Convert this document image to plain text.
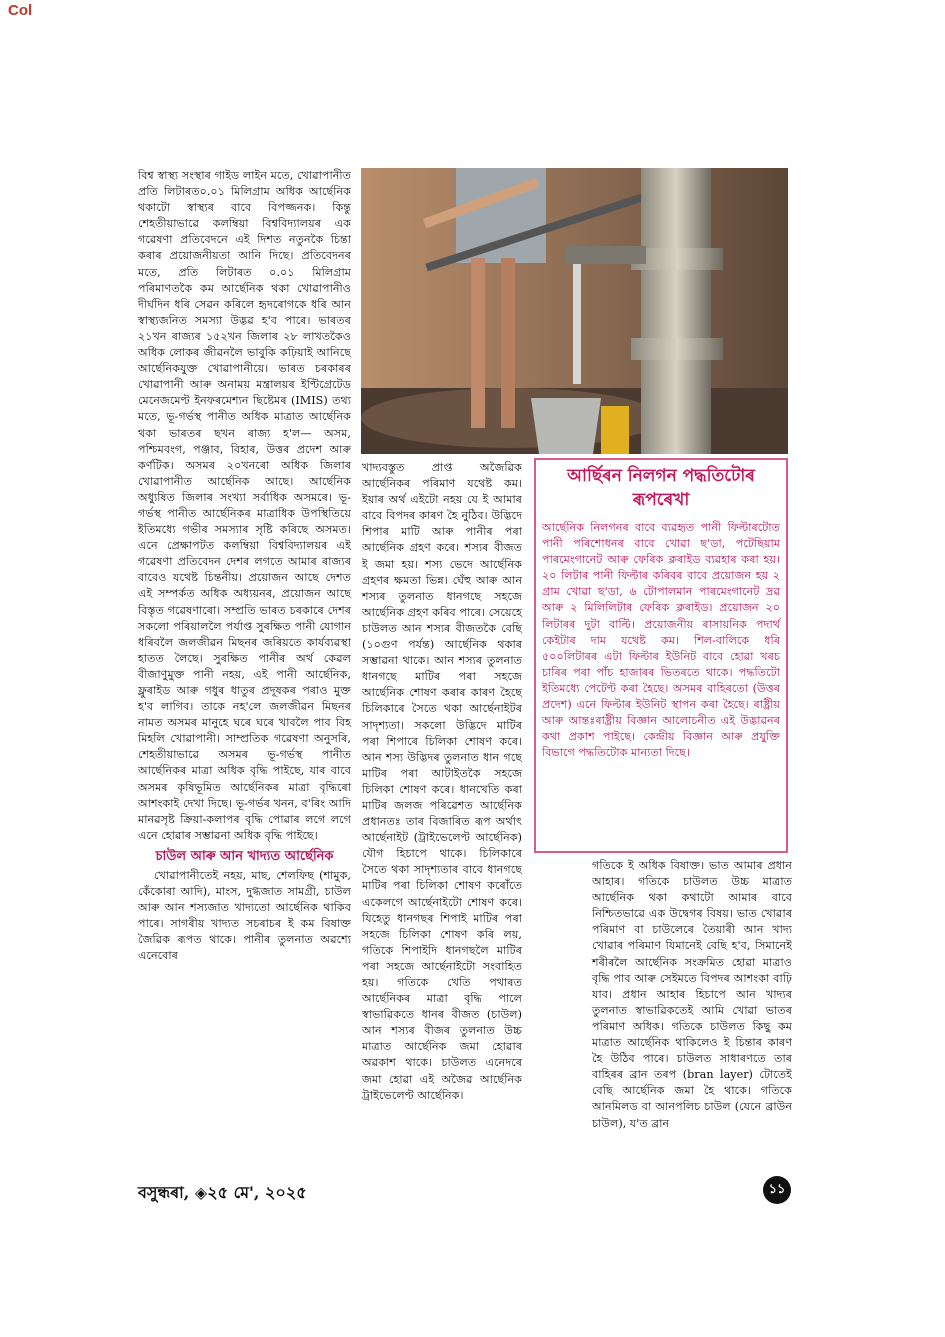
Col

বিশ্ব স্বাস্থ্য সংস্থাৰ গাইড লাইন মতে, খোৱাপানীত প্ৰতি লিটাৰত০.০১ মিলিগ্ৰাম অধিক আৰ্ছেনিক থকাটো স্বাস্থ্যৰ বাবে বিপজ্জনক। কিন্তু শেহতীয়াভাৱে কলম্বিয়া বিশ্ববিদ্যালয়ৰ এক গৱেষণা প্ৰতিবেদনে এই দিশত নতুনকৈ চিন্তা কৰাৰ প্ৰয়োজনীয়তা আনি দিছে। প্ৰতিবেদনৰ মতে, প্ৰতি লিটাৰত ০.০১ মিলিগ্ৰাম পৰিমাণতকৈ কম আৰ্ছেনিক থকা খোৱাপানীও দীৰ্ঘদিন ধৰি সেৱন কৰিলে হৃদৰোগকে ধৰি আন স্বাস্থ্যজনিত সমস্যা উদ্ভৱ হ'ব পাৰে। ভাৰতৰ ২১খন ৰাজ্যৰ ১৫২খন জিলাৰ ২৮ লাখতকৈও অধিক লোকৰ জীৱনলৈ ভাবুকি কঢ়িয়াই আনিছে আৰ্ছেনিকযুক্ত খোৱাপানীয়ে। ভাৰত চৰকাৰৰ খোৱাপানী আৰু অনাময় মন্ত্ৰালয়ৰ ইণ্টিগ্ৰেটেড মেনেজমেণ্ট ইনফৰমেশ্যন ছিষ্টেমৰ (IMIS) তথ্য মতে, ভূ-গৰ্ভস্থ পানীত অধিক মাত্ৰাত আৰ্ছেনিক থকা ভাৰতৰ ছখন ৰাজ্য হ'ল— অসম, পশ্চিমবংগ, পঞ্জাব, বিহাৰ, উত্তৰ প্ৰদেশ আৰু কৰ্ণটিক। অসমৰ ২০খনৰো অধিক জিলাৰ খোৱাপানীত আৰ্ছেনিক আছে। আৰ্ছেনিক অধ্যুষিত জিলাৰ সংখ্যা সৰ্বাধিক অসমৰে। ভূ-গৰ্ভস্থ পানীত আৰ্ছেনিকৰ মাত্ৰাধিক উপস্থিতিয়ে ইতিমধ্যে গভীৰ সমস্যাৰ সৃষ্টি কৰিছে অসমত। এনে প্ৰেক্ষাপটত কলম্বিয়া বিশ্ববিদ্যালয়ৰ এই গৱেষণা প্ৰতিবেদন দেশৰ লগতে আমাৰ ৰাজ্যৰ বাবেও যথেষ্ট চিন্তনীয়। প্ৰয়োজন আছে দেশত এই সম্পৰ্কত অধিক অধ্যয়নৰ, প্ৰয়োজন আছে বিস্তৃত গৱেষণাৰো। সম্প্ৰতি ভাৰত চৰকাৰে দেশৰ সকলো পৰিয়াললৈ পৰ্যাপ্ত সুৰক্ষিত পানী যোগান ধৰিবলৈ জলজীৱন মিছনৰ জৰিয়তে কাৰ্যব্যৱস্থা হাতত লৈছে। সুৰক্ষিত পানীৰ অৰ্থ কেৱল বীজাণুমুক্ত পানী নহয়, এই পানী আৰ্ছেনিক, ফ্লুৰাইড আৰু গধুৰ ধাতুৰ প্ৰদূষকৰ পৰাও মুক্ত হ'ব লাগিব। তাকে নহ'লে জলজীৱন মিছনৰ নামত অসমৰ মানুহে ঘৰে ঘৰে খাবলৈ পাব বিহ মিহলি খোৱাপানী। সাম্প্ৰতিক গৱেষণা অনুসৰি, শেহতীয়াভাৱে অসমৰ ভূ-গৰ্ভস্থ পানীত আৰ্ছেনিকৰ মাত্ৰা অধিক বৃদ্ধি পাইছে, যাৰ বাবে অসমৰ কৃষিভূমিত আৰ্ছেনিকৰ মাত্ৰা বৃদ্ধিৰো আশংকাই দেখা দিছে। ভূ-গৰ্ভৰ খনন, ব'ৰিং আদি মানৱসৃষ্ট ক্ৰিয়া-কলাপৰ বৃদ্ধি পোৱাৰ লগে লগে এনে হোৱাৰ সম্ভাৱনা অধিক বৃদ্ধি পাইছে।

চাউল আৰু আন খাদ্যত আৰ্ছেনিক

খোৱাপানীতেই নহয়, মাছ, শেলফিছ (শামুক, কেঁকোৰা আদি), মাংস, দুগ্ধজাত সামগ্ৰী, চাউল আৰু আন শস্যজাত খাদ্যতো আৰ্ছেনিক থাকিব পাৰে। সাগৰীয় খাদ্যত সচৰাচৰ ই কম বিষাক্ত জৈৱিক ৰূপত থাকে। পানীৰ তুলনাত অৱশ্যে এনেবোৰ

খাদ্যবস্তুত প্ৰাপ্ত অজৈৱিক আৰ্ছেনিকৰ পৰিমাণ যথেষ্ট কম। ইয়াৰ অৰ্থ এইটো নহয় যে ই আমাৰ বাবে বিপদৰ কাৰণ হৈ নুঠিব। উদ্ভিদে শিপাৰ মাটি আৰু পানীৰ পৰা আৰ্ছেনিক গ্ৰহণ কৰে। শস্যৰ বীজত ই জমা হয়। শস্য ভেদে আৰ্ছেনিক গ্ৰহণৰ ক্ষমতা ভিন্ন। ঘেঁহু আৰু আন শস্যৰ তুলনাত ধানগছে সহজে আৰ্ছেনিক গ্ৰহণ কৰিব পাৰে। সেয়েহে চাউলত আন শস্যৰ বীজতকৈ বেছি (১০গুণ পৰ্যন্ত) আৰ্ছেনিক থকাৰ সম্ভাৱনা থাকে। আন শস্যৰ তুলনাত ধানগছে মাটিৰ পৰা সহজে আৰ্ছেনিক শোষণ কৰাৰ কাৰণ হৈছে চিলিকাৰে সৈতে থকা আৰ্ছেনাইটৰ সাদৃশ্যতা। সকলো উদ্ভিদে মাটিৰ পৰা শিপাৰে চিলিকা শোষণ কৰে। আন শস্য উদ্ভিদৰ তুলনাত ধান গছে মাটিৰ পৰা আটাইতকৈ সহজে চিলিকা শোষণ কৰে। ধানখেতি কৰা মাটিৰ জলজ পৰিৱেশত আৰ্ছেনিক প্ৰধানতঃ তাৰ বিজাৰিত ৰূপ অৰ্থাৎ আৰ্ছেনাইট (ট্ৰাইভেলেণ্ট আৰ্ছেনিক) যৌগ হিচাপে থাকে। চিলিকাৰে সৈতে থকা সাদৃশ্যতাৰ বাবে ধানগছে মাটিৰ পৰা চিলিকা শোষণ কৰোঁতে একেলগে আৰ্ছেনাইটো শোষণ কৰে। যিহেতু ধানগছৰ শিপাই মাটিৰ পৰা সহজে চিলিকা শোষণ কৰি লয়, গতিকে শিপাইদি ধানগছলৈ মাটিৰ পৰা সহজে আৰ্ছেনাইটো সংবাহিত হয়। গতিকে খেতি পথাৰত আৰ্ছেনিকৰ মাত্ৰা বৃদ্ধি পালে স্বাভাৱিকতে ধানৰ বীজত (চাউল) আন শস্যৰ বীজৰ তুলনাত উচ্চ মাত্ৰাত আৰ্ছেনিক জমা হোৱাৰ অৱকাশ থাকে। চাউলত এনেদৰে জমা হোৱা এই অজৈৱ আৰ্ছেনিক ট্ৰাইভেলেণ্ট আৰ্ছেনিক।

আৰ্ছিৰন নিলগন পদ্ধতিটোৰ ৰূপৰেখা
আৰ্ছেনিক নিলগনৰ বাবে ব্যৱহৃত পানী ফিল্টাৰটোত পানী পৰিশোধনৰ বাবে খোৱা ছ'ডা, পটেছিয়াম পাৰমেংগানেট আৰু ফেৰিক ক্লৰাইড ব্যৱহাৰ কৰা হয়। ২০ লিটাৰ পানী ফিল্টাৰ কৰিবৰ বাবে প্ৰয়োজন হয় ২ গ্ৰাম খোৱা ছ'ডা, ৬ টোপালমান পাৰমেংগানেট দ্ৰৱ আৰু ২ মিলিলিটাৰ ফেৰিক ক্লৰাইড। প্ৰয়োজন ২০ লিটাৰৰ দুটা বাল্টি। প্ৰয়োজনীয় ৰাসায়নিক পদাৰ্থ কেইটাৰ দাম যথেষ্ট কম। শিল-বালিকে ধৰি ৫০০লিটাৰৰ এটা ফিল্টাৰ ইউনিট বাবে হোৱা খৰচ চাৰিৰ পৰা পাঁচ হাজাৰৰ ভিতৰতে থাকে। পদ্ধতিটো ইতিমধ্যে পেটেণ্ট কৰা হৈছে। অসমৰ বাহিৰতো (উত্তৰ প্ৰদেশ) এনে ফিল্টাৰ ইউনিট স্থাপন কৰা হৈছে। ৰাষ্ট্ৰীয় আৰু আন্তঃৰাষ্ট্ৰীয় বিজ্ঞান আলোচনীত এই উদ্ভাৱনৰ কথা প্ৰকাশ পাইছে। কেন্দ্ৰীয় বিজ্ঞান আৰু প্ৰযুক্তি বিভাগে পদ্ধতিটোক মান্যতা দিছে।

গতিকে ই অধিক বিষাক্ত। ভাত আমাৰ প্ৰধান আহাৰ। গতিকে চাউলত উচ্চ মাত্ৰাত আৰ্ছেনিক থকা কথাটো আমাৰ বাবে নিশ্চিতভাৱে এক উদ্বেগৰ বিষয়। ভাত খোৱাৰ পৰিমাণ বা চাউলেৰে তৈয়াৰী আন খাদ্য খোৱাৰ পৰিমাণ যিমানেই বেছি হ'ব, সিমানেই শৰীৰলৈ আৰ্ছেনিক সংক্ৰমিত হোৱা মাত্ৰাও বৃদ্ধি পাব আৰু সেইমতে বিপদৰ আশংকা বাঢ়ি যাব। প্ৰধান আহাৰ হিচাপে আন খাদ্যৰ তুলনাত স্বাভাৱিকতেই আমি খোৱা ভাতৰ পৰিমাণ অধিক। গতিকে চাউলত কিছু কম মাত্ৰাত আৰ্ছেনিক থাকিলেও ই চিন্তাৰ কাৰণ হৈ উঠিব পাৰে। চাউলত সাধাৰণতে তাৰ বাহিৰৰ ব্ৰান তৰপ (bran layer) টোতেই বেছি আৰ্ছেনিক জমা হৈ থাকে। গতিকে আনমিলড বা আনপলিচ চাউল (যেনে ব্ৰাউন চাউল), য'ত ব্ৰান

বসুন্ধৰা, ◈২৫ মে', ২০২৫	১১
